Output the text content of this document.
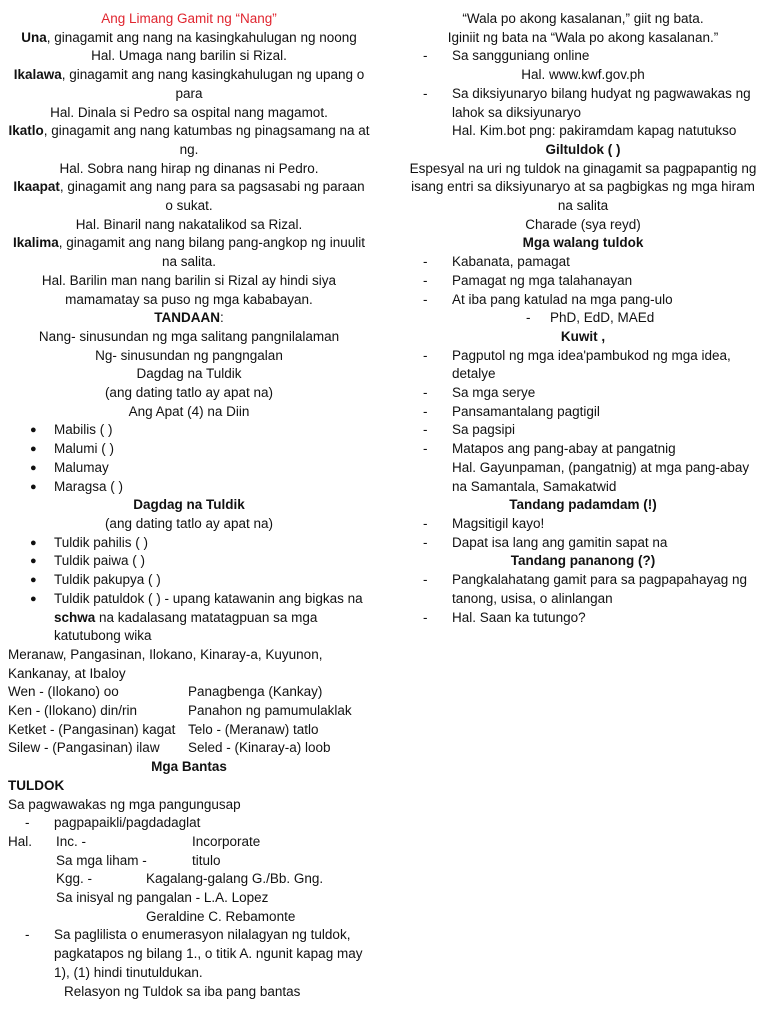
Ang Limang Gamit ng “Nang”
Una, ginagamit ang nang na kasingkahulugan ng noong
Hal. Umaga nang barilin si Rizal.
Ikalawa, ginagamit ang nang kasingkahulugan ng upang o para
Hal. Dinala si Pedro sa ospital nang magamot.
Ikatlo, ginagamit ang nang katumbas ng pinagsamang na at ng.
Hal. Sobra nang hirap ng dinanas ni Pedro.
Ikaapat, ginagamit ang nang para sa pagsasabi ng paraan o sukat.
Hal. Binaril nang nakatalikod sa Rizal.
Ikalima, ginagamit ang nang bilang pang-angkop ng inuulit na salita.
Hal. Barilin man nang barilin si Rizal ay hindi siya mamamatay sa puso ng mga kababayan.
TANDAAN:
Nang- sinusundan ng mga salitang pangnilalaman
Ng- sinusundan ng pangngalan
Dagdag na Tuldik
(ang dating tatlo ay apat na)
Ang Apat (4) na Diin
● Mabilis ( )
● Malumi ( )
● Malumay
● Maragsa ( )
Dagdag na Tuldik
(ang dating tatlo ay apat na)
● Tuldik pahilis ( )
● Tuldik paiwa ( )
● Tuldik pakupya ( )
● Tuldik patuldok ( ) - upang katawanin ang bigkas na schwa na kadalasang matatagpuan sa mga katutubong wika
Meranaw, Pangasinan, Ilokano, Kinaray-a, Kuyunon, Kankanay, at Ibaloy
Wen - (Ilokano) oo	Panagbenga (Kankay)
Ken - (Ilokano) din/rin	Panahon ng pamumulaklak
Ketket - (Pangasinan) kagat Telo - (Meranaw) tatlo
Silew - (Pangasinan) ilaw	Seled - (Kinaray-a) loob
Mga Bantas
TULDOK
Sa pagwawakas ng mga pangungusap
- pagpapaikli/pagdadaglat
Hal.	Inc. -	Incorporate
Sa mga liham -	titulo
Kgg. -	Kagalang-galang G./Bb. Gng.
Sa inisyal ng pangalan - L.A. Lopez
Geraldine C. Rebamonte
- Sa paglilista o enumerasyon nilalagyan ng tuldok, pagkatapos ng bilang 1., o titik A. ngunit kapag may 1), (1) hindi tinutuldukan.
Relasyon ng Tuldok sa iba pang bantas
“Wala po akong kasalanan,” giit ng bata.
Iginiit ng bata na “Wala po akong kasalanan.”
- Sa sangguniang online
Hal. www.kwf.gov.ph
- Sa diksiyunaryo bilang hudyat ng pagwawakas ng lahok sa diksiyunaryo
Hal. Kim.bot png: pakiramdam kapag natutukso
Giltuldok ( )
Espesyal na uri ng tuldok na ginagamit sa pagpapantig ng isang entri sa diksiyunaryo at sa pagbigkas ng mga hiram na salita
Charade (sya reyd)
Mga walang tuldok
- Kabanata, pamagat
- Pamagat ng mga talahanayan
- At iba pang katulad na mga pang-ulo
- PhD, EdD, MAEd
Kuwit ,
- Pagputol ng mga idea'pambukod ng mga idea, detalye
- Sa mga serye
- Pansamantalang pagtigil
- Sa pagsipi
- Matapos ang pang-abay at pangatnig
Hal. Gayunpaman, (pangatnig) at mga pang-abay na Samantala, Samakatwid
Tandang padamdam (!)
- Magsitigil kayo!
- Dapat isa lang ang gamitin sapat na
Tandang pananong (?)
- Pangkalahatang gamit para sa pagpapahayag ng tanong, usisa, o alinlangan
- Hal. Saan ka tutungo?
